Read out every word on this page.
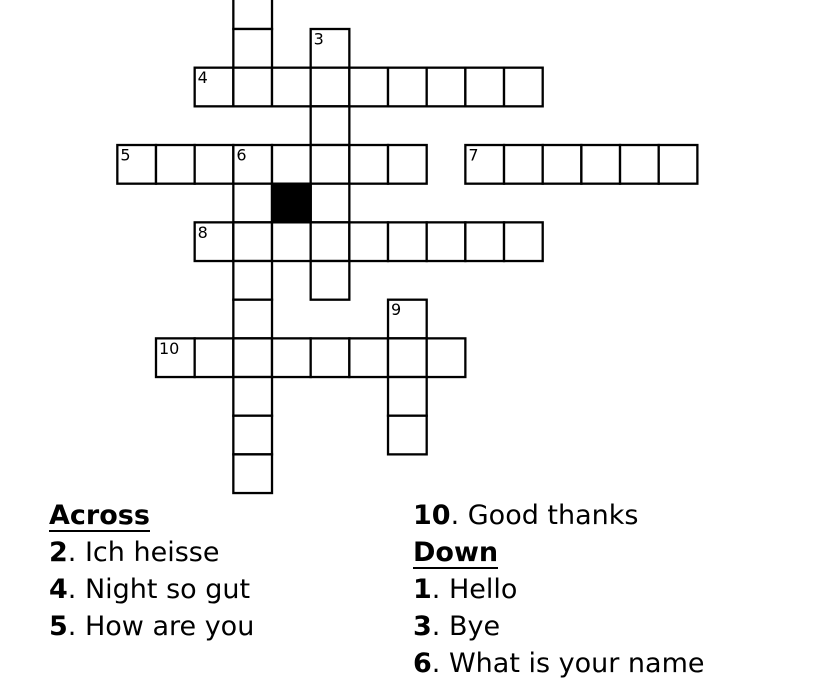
3
4
5	6	7
8
9
10
Across
2. Ich heisse
4. Night so gut
5. How are you
10. Good thanks
Down
1. Hello
3. Bye
6. What is your name
